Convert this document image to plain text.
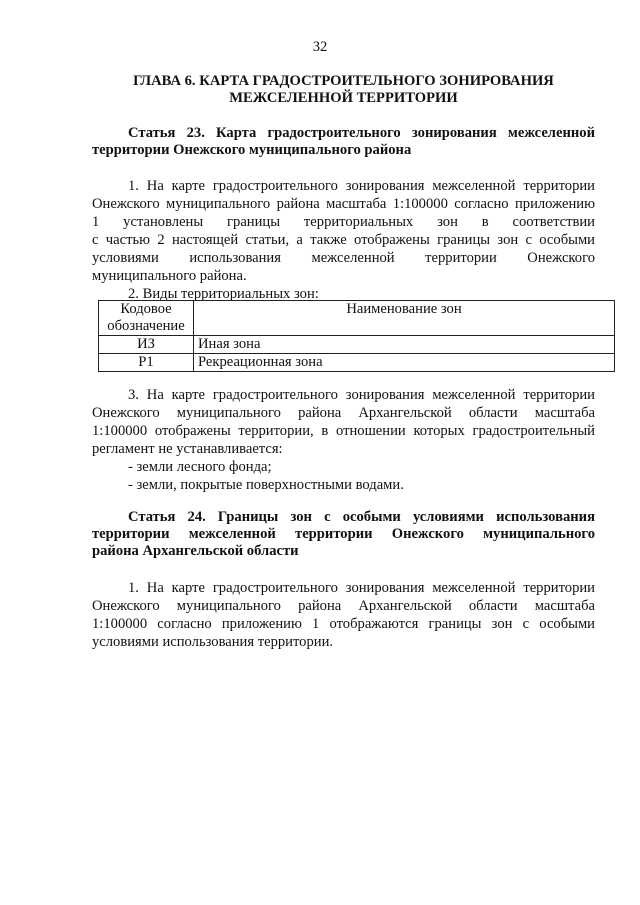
32
ГЛАВА 6. КАРТА ГРАДОСТРОИТЕЛЬНОГО ЗОНИРОВАНИЯ
МЕЖСЕЛЕННОЙ ТЕРРИТОРИИ
Статья 23. Карта градостроительного зонирования межселенной
территории Онежского муниципального района
1. На карте градостроительного зонирования межселенной территории
Онежского муниципального района масштаба 1:100000 согласно приложению
1 установлены границы территориальных зон в соответствии
с частью 2 настоящей статьи, а также отображены границы зон с особыми
условиями использования межселенной территории Онежского
муниципального района.
2. Виды территориальных зон:
Кодовое
обозначение	Наименование зон
ИЗ	Иная зона
Р1	Рекреационная зона
3. На карте градостроительного зонирования межселенной территории
Онежского муниципального района Архангельской области масштаба
1:100000 отображены территории, в отношении которых градостроительный
регламент не устанавливается:
- земли лесного фонда;
- земли, покрытые поверхностными водами.
Статья 24. Границы зон с особыми условиями использования
территории межселенной территории Онежского муниципального
района Архангельской области
1. На карте градостроительного зонирования межселенной территории
Онежского муниципального района Архангельской области масштаба
1:100000 согласно приложению 1 отображаются границы зон с особыми
условиями использования территории.
